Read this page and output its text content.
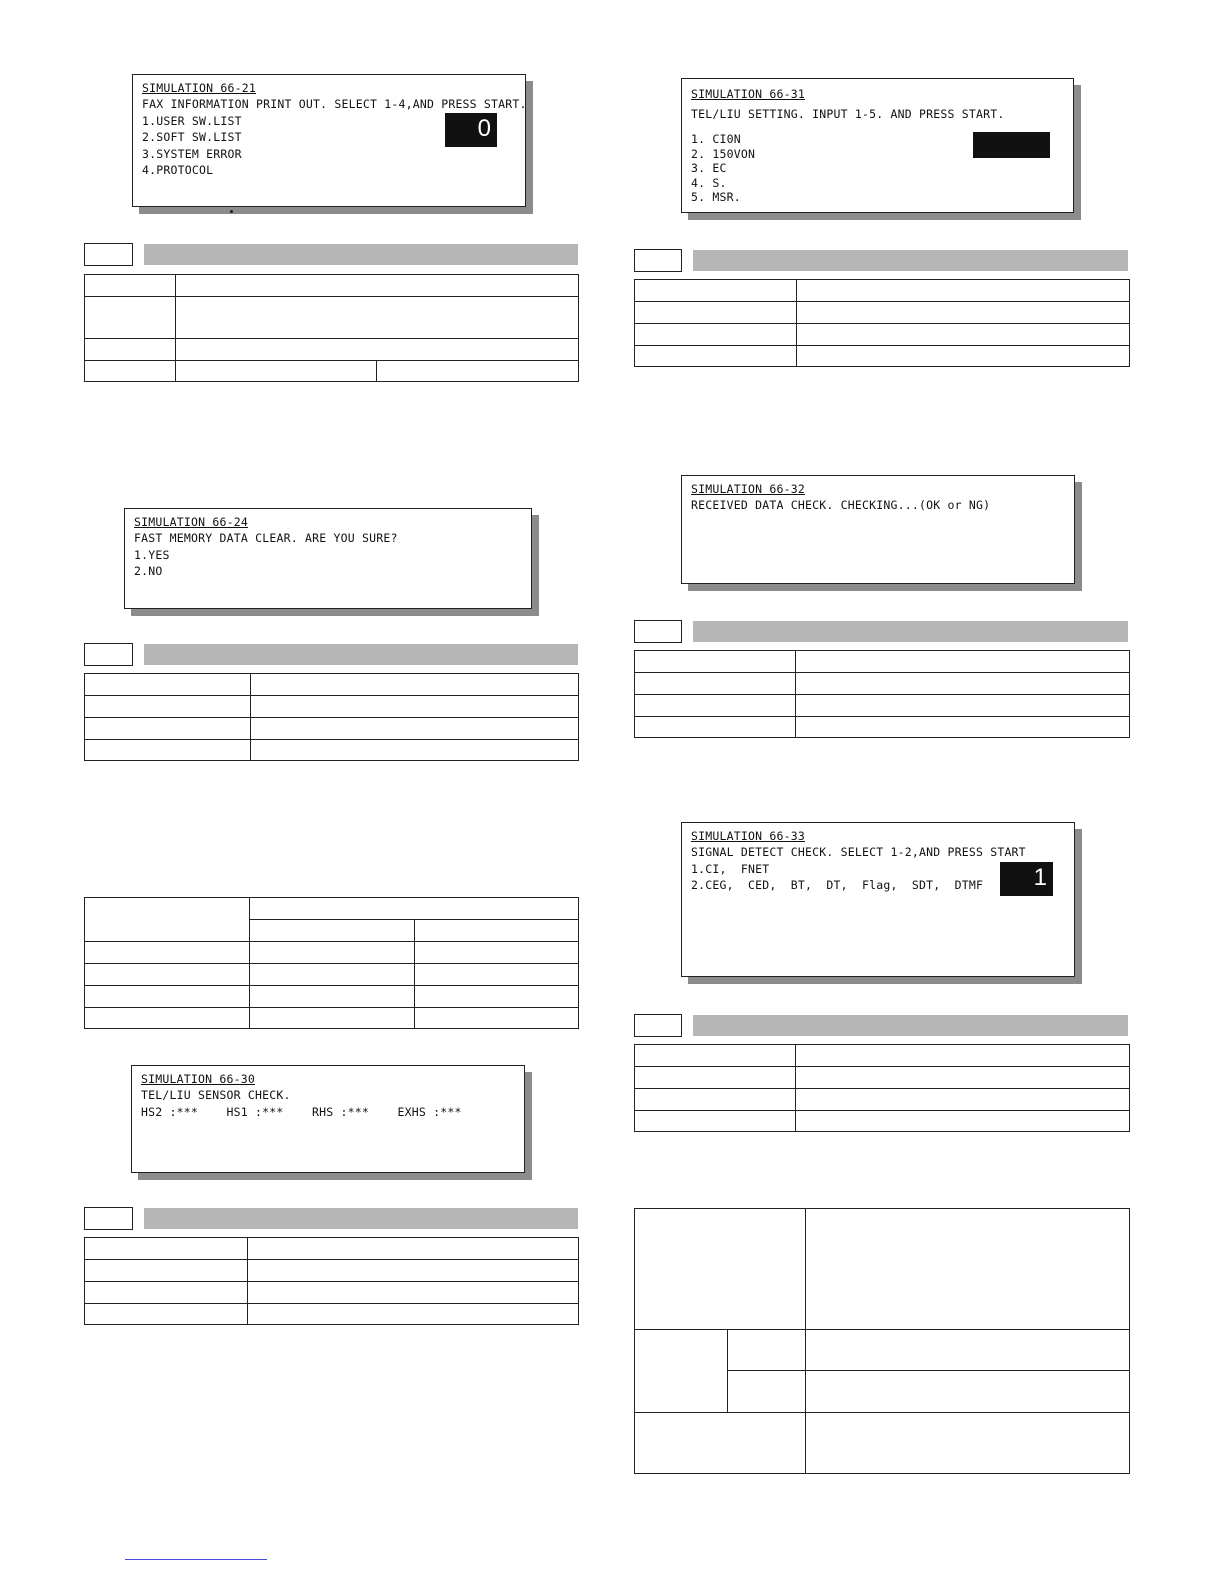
SIMULATION 66-21
FAX INFORMATION PRINT OUT. SELECT 1-4,AND PRESS START.
1.USER SW.LIST
2.SOFT SW.LIST
3.SYSTEM ERROR
4.PROTOCOL
0

SIMULATION 66-24
FAST MEMORY DATA CLEAR. ARE YOU SURE?
1.YES
2.NO

SIMULATION 66-30
TEL/LIU SENSOR CHECK.
HS2 :***    HS1 :***    RHS :***    EXHS :***

SIMULATION 66-31
TEL/LIU SETTING. INPUT 1-5. AND PRESS START.
1. CI0N
2. 150VON
3. EC
4. S.
5. MSR.

SIMULATION 66-32
RECEIVED DATA CHECK. CHECKING...(OK or NG)

SIMULATION 66-33
SIGNAL DETECT CHECK. SELECT 1-2,AND PRESS START
1.CI,  FNET
2.CEG,  CED,  BT,  DT,  Flag,  SDT,  DTMF	1
